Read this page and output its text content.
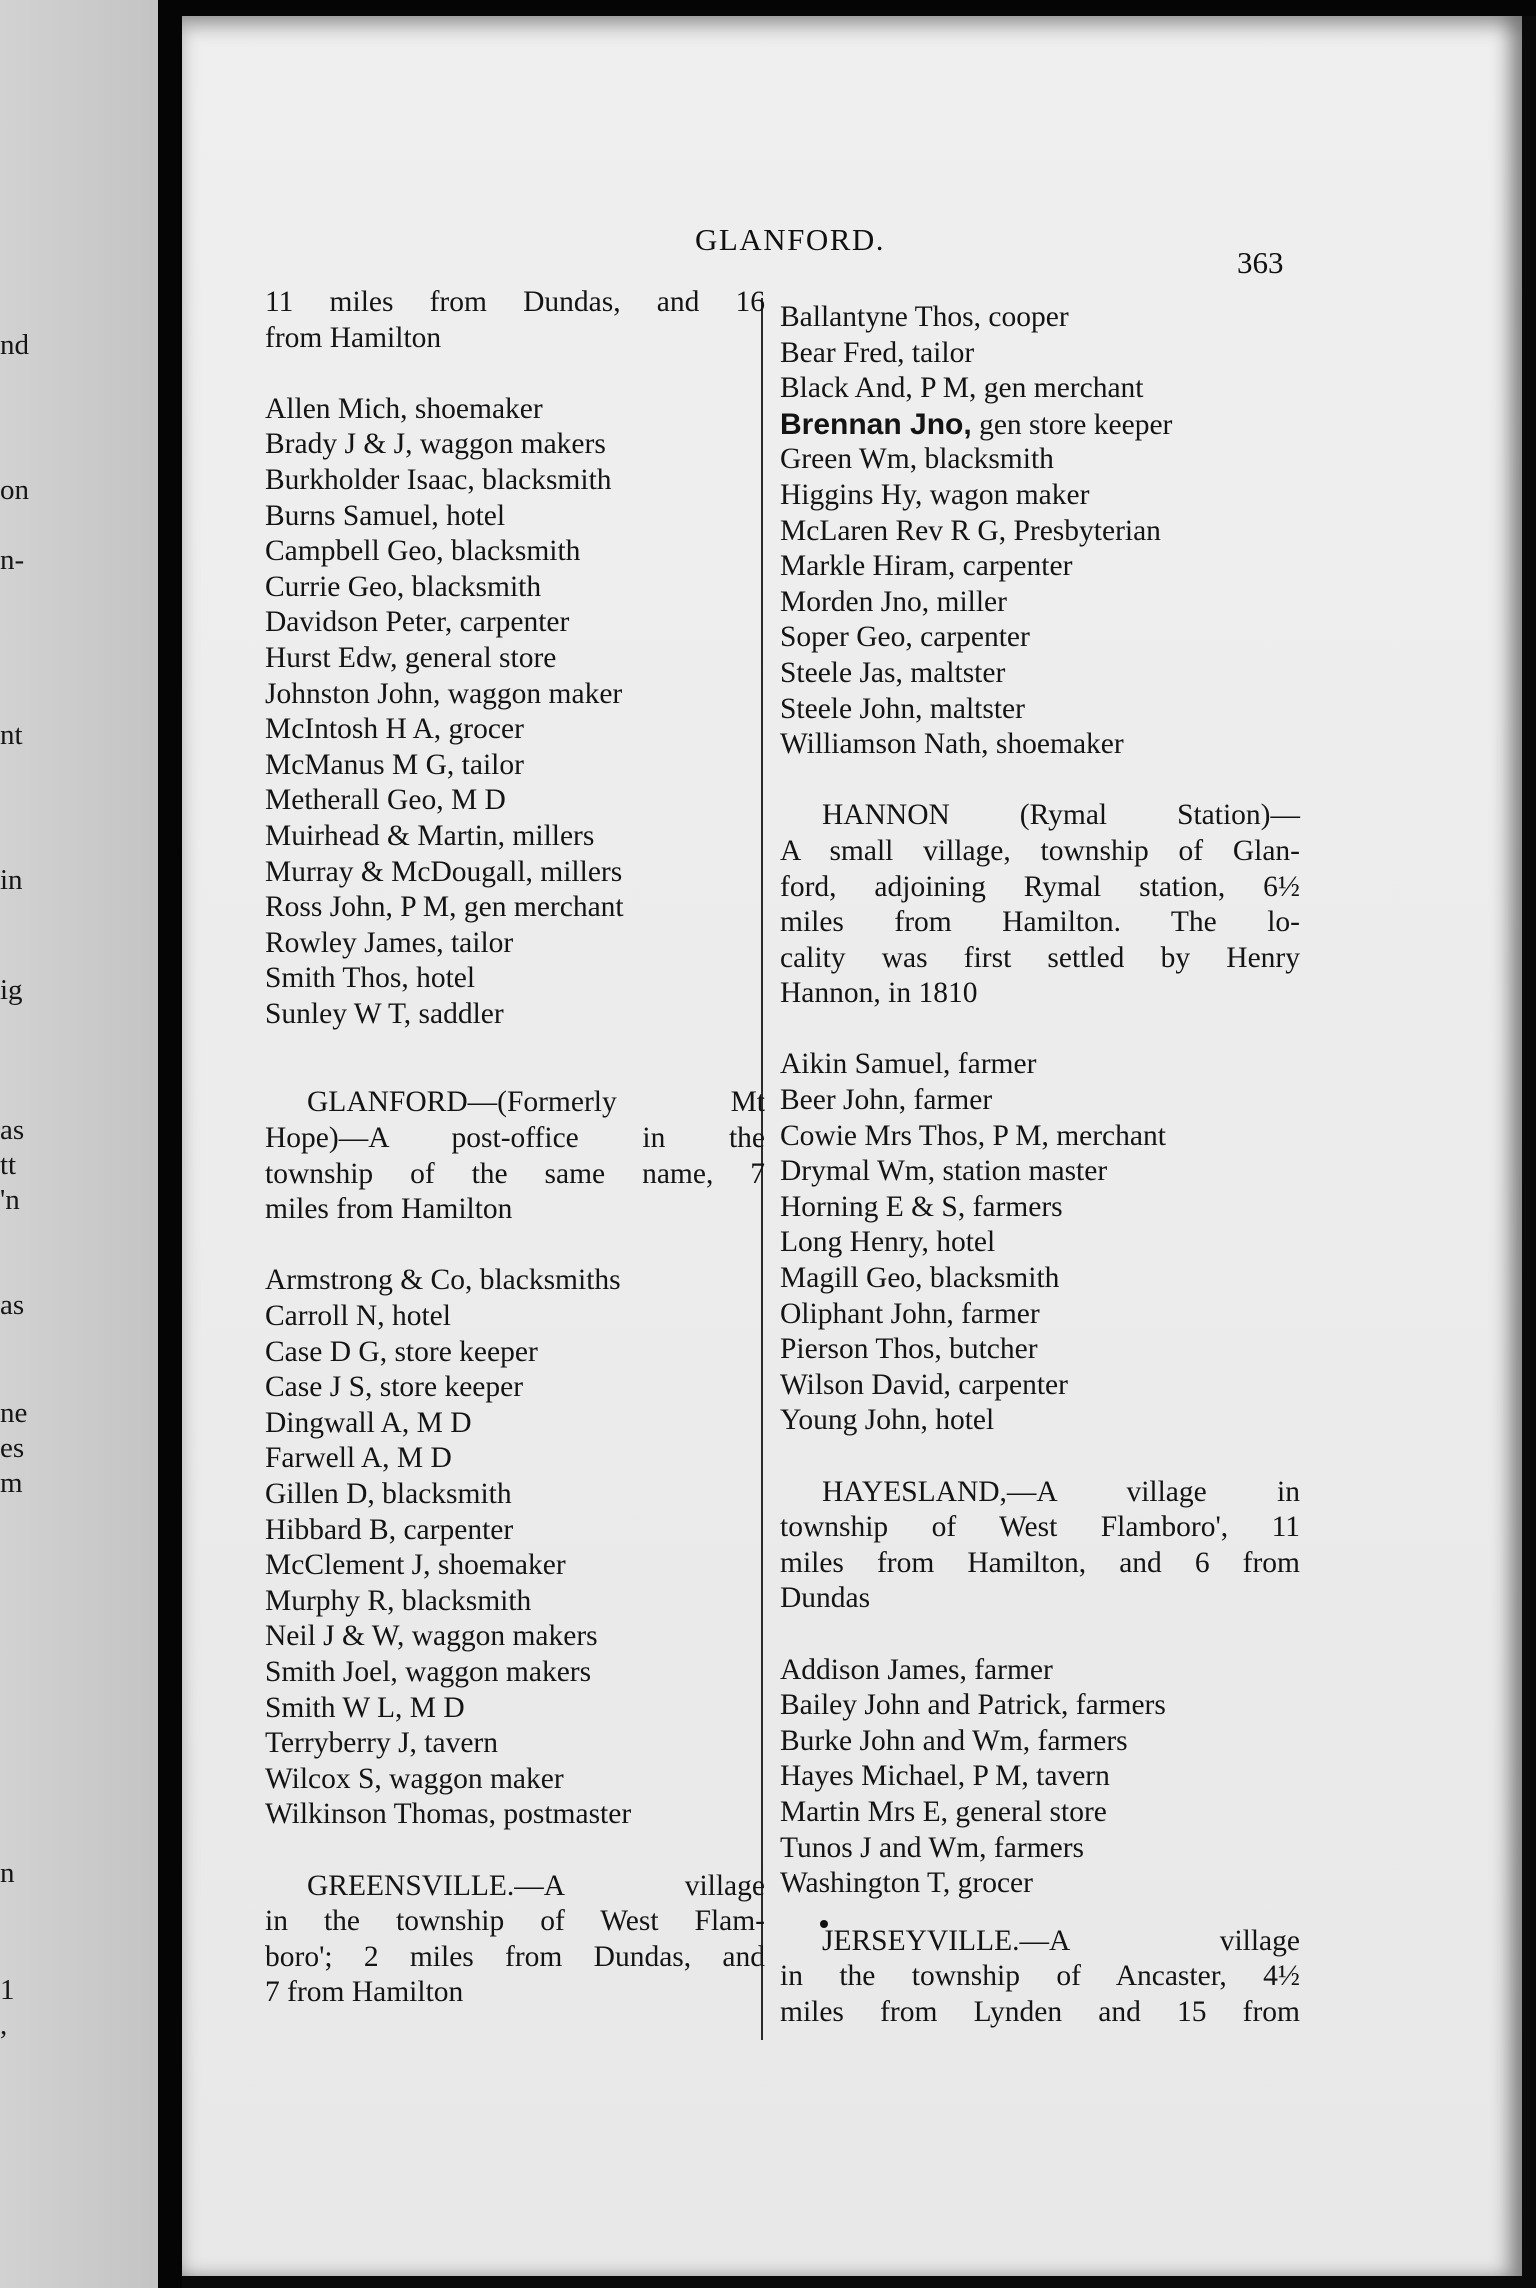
nd
on
n-
nt
in
ig
as
tt
'n
as
ne
es
m
n
1
,
GLANFORD.
363
11 miles from Dundas, and 16
from Hamilton
Allen Mich, shoemaker
Brady J & J, waggon makers
Burkholder Isaac, blacksmith
Burns Samuel, hotel
Campbell Geo, blacksmith
Currie Geo, blacksmith
Davidson Peter, carpenter
Hurst Edw, general store
Johnston John, waggon maker
McIntosh H A, grocer
McManus M G, tailor
Metherall Geo, M D
Muirhead & Martin, millers
Murray & McDougall, millers
Ross John, P M, gen merchant
Rowley James, tailor
Smith Thos, hotel
Sunley W T, saddler
GLANFORD—(Formerly Mt
Hope)—A post-office in the
township of the same name, 7
miles from Hamilton
Armstrong & Co, blacksmiths
Carroll N, hotel
Case D G, store keeper
Case J S, store keeper
Dingwall A, M D
Farwell A, M D
Gillen D, blacksmith
Hibbard B, carpenter
McClement J, shoemaker
Murphy R, blacksmith
Neil J & W, waggon makers
Smith Joel, waggon makers
Smith W L, M D
Terryberry J, tavern
Wilcox S, waggon maker
Wilkinson Thomas, postmaster
GREENSVILLE.—A village
in the township of West Flam-
boro'; 2 miles from Dundas, and
7 from Hamilton
Ballantyne Thos, cooper
Bear Fred, tailor
Black And, P M, gen merchant
Brennan Jno, gen store keeper
Green Wm, blacksmith
Higgins Hy, wagon maker
McLaren Rev R G, Presbyterian
Markle Hiram, carpenter
Morden Jno, miller
Soper Geo, carpenter
Steele Jas, maltster
Steele John, maltster
Williamson Nath, shoemaker
HANNON (Rymal Station)—
A small village, township of Glan-
ford, adjoining Rymal station, 6½
miles from Hamilton. The lo-
cality was first settled by Henry
Hannon, in 1810
Aikin Samuel, farmer
Beer John, farmer
Cowie Mrs Thos, P M, merchant
Drymal Wm, station master
Horning E & S, farmers
Long Henry, hotel
Magill Geo, blacksmith
Oliphant John, farmer
Pierson Thos, butcher
Wilson David, carpenter
Young John, hotel
HAYESLAND,—A village in
township of West Flamboro', 11
miles from Hamilton, and 6 from
Dundas
Addison James, farmer
Bailey John and Patrick, farmers
Burke John and Wm, farmers
Hayes Michael, P M, tavern
Martin Mrs E, general store
Tunos J and Wm, farmers
Washington T, grocer
JERSEYVILLE.—A village
in the township of Ancaster, 4½
miles from Lynden and 15 from
